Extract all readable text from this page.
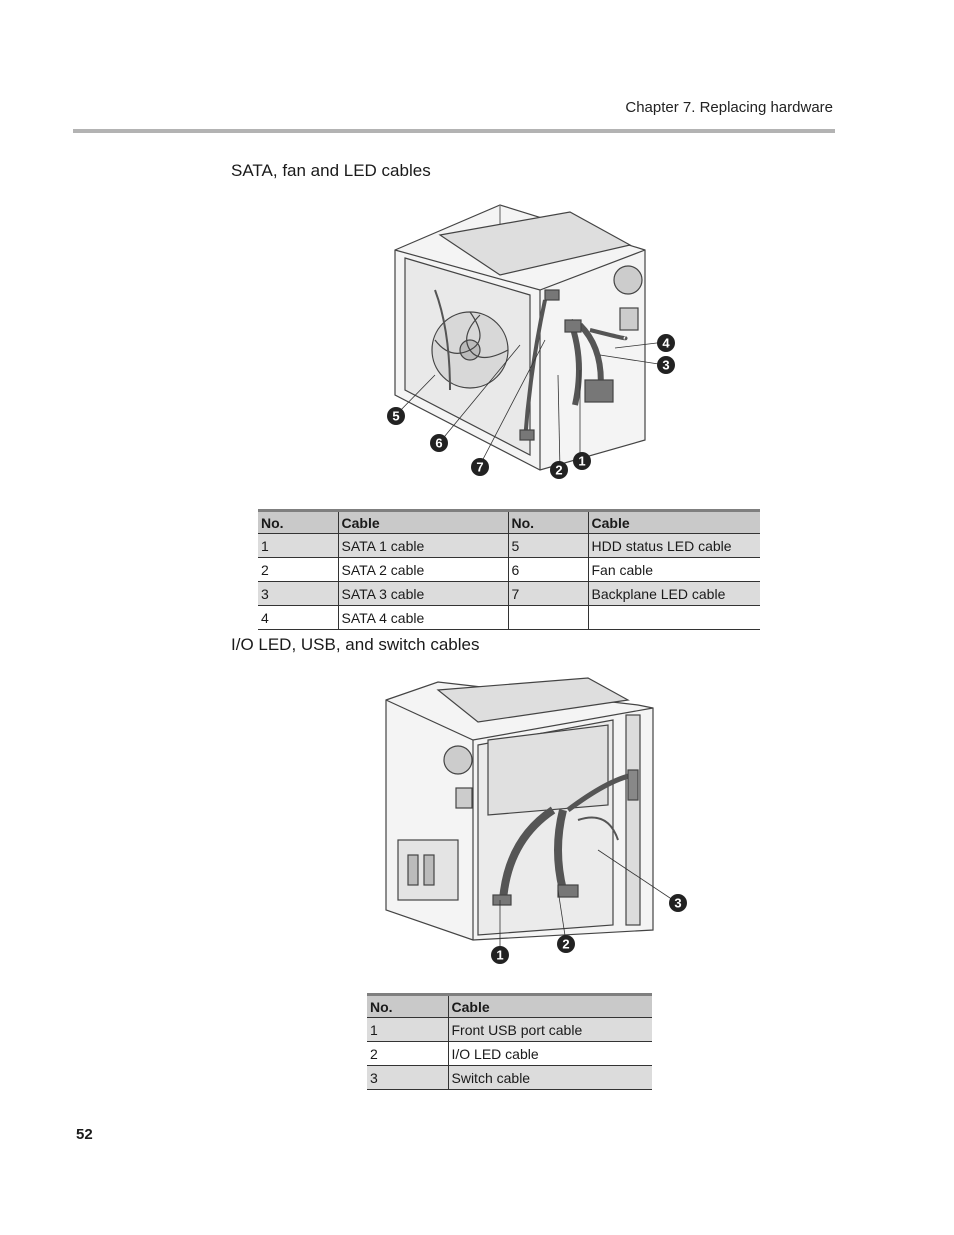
Chapter 7. Replacing hardware
SATA, fan and LED cables
1
2
3
4
5
6
7
No.	Cable	No.	Cable
1	SATA 1 cable	5	HDD status LED cable
2	SATA 2 cable	6	Fan cable
3	SATA 3 cable	7	Backplane LED cable
4	SATA 4 cable		
I/O LED, USB, and switch cables
1
2
3
No.	Cable
1	Front USB port cable
2	I/O LED cable
3	Switch cable
52
